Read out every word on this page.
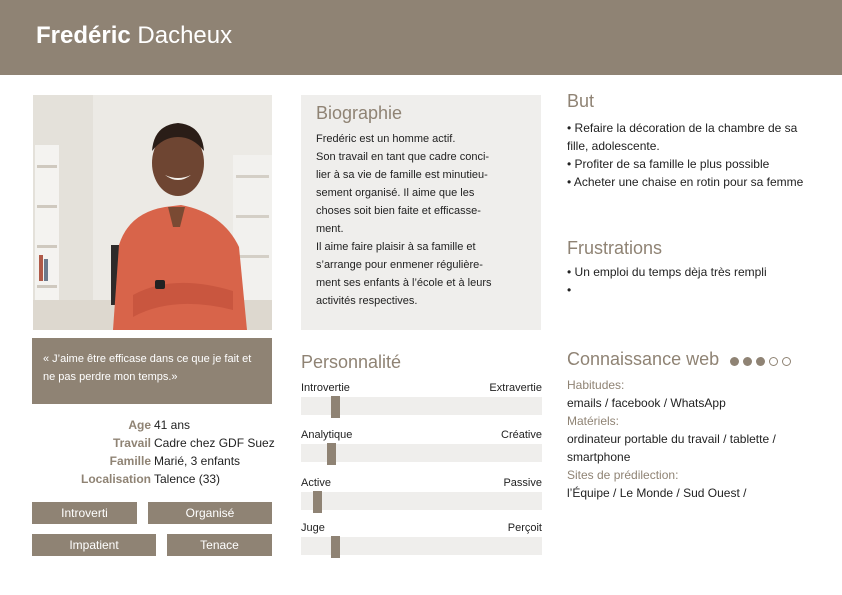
Fredéric Dacheux
« J’aime être efficase dans ce que je fait et ne pas perdre mon temps.»
Age 41 ans
Travail Cadre chez GDF Suez
Famille Marié, 3 enfants
Localisation Talence (33)
Introverti	Organisé
Impatient	Tenace
Biographie

Fredéric est un homme actif.
Son travail en tant que cadre conci-
lier à sa vie de famille est minutieu-
sement organisé. Il aime que les
choses soit bien faite et efficasse-
ment.
Il aime faire plaisir à sa famille et
s’arrange pour enmener régulière-
ment ses enfants à l’école et à leurs
activités respectives.

Personnalité
Introvertie	Extravertie
Analytique	Créative
Active	Passive
Juge	Perçoit
But
• Refaire la décoration de la chambre de sa fille, adolescente.
• Profiter de sa famille le plus possible
• Acheter une chaise en rotin pour sa femme
Frustrations
• Un emploi du temps dèja très rempli
•
Connaissance web
Habitudes:
emails / facebook / WhatsApp
Matériels:
ordinateur portable du travail / tablette / smartphone
Sites de prédilection:
l’Équipe / Le Monde / Sud Ouest /
